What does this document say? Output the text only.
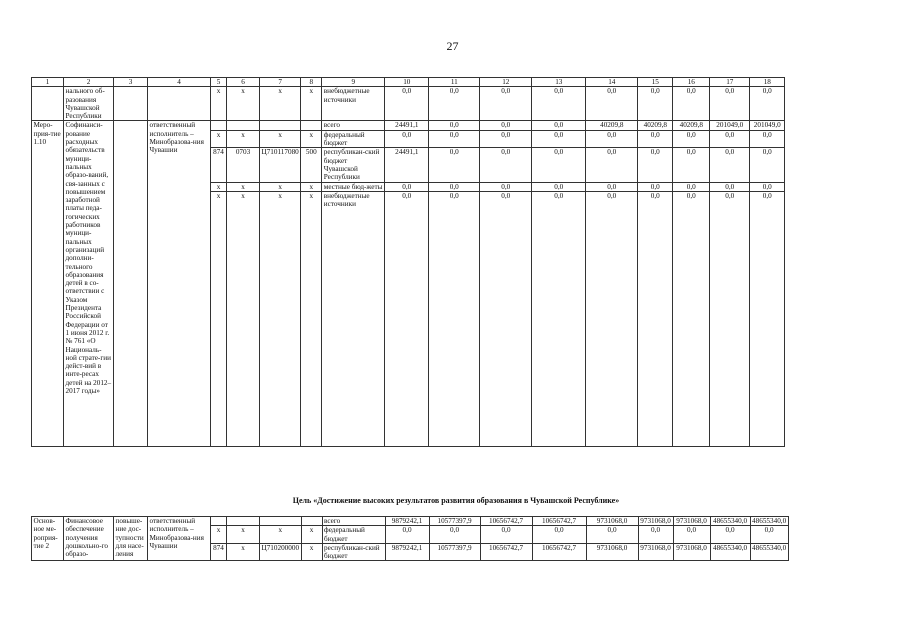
27
1	2	3	4	5	6	7	8	9	10	11	12	13	14	15	16	17	18
	нального об-разования Чувашской Республики			x	x	x	x	внебюджетные источники	0,0	0,0	0,0	0,0	0,0	0,0	0,0	0,0	0,0
Меро-прия-тие 1.10	Софинанси-рование расходных обязательств муници-пальных образо-ваний, свя-занных с повышением заработной платы педа-гогических работников муници-пальных организаций дополни-тельного образования детей в со-ответствии с Указом Президента Российской Федерации от 1 июня 2012 г. № 761 «О Националь-ной страте-гии дейст-вий в инте-ресах детей на 2012–2017 годы»		ответственный исполнитель – Минобразова-ния Чувашии					всего	24491,1	0,0	0,0	0,0	40209,8	40209,8	40209,8	201049,0	201049,0
				x	x	x	x	федеральный бюджет	0,0	0,0	0,0	0,0	0,0	0,0	0,0	0,0	0,0
				874	0703	Ц710117080	500	республикан-ский бюджет Чувашской Республики	24491,1	0,0	0,0	0,0	0,0	0,0	0,0	0,0	0,0
				x	x	x	x	местные бюд-жеты	0,0	0,0	0,0	0,0	0,0	0,0	0,0	0,0	0,0
				x	x	x	x	внебюджетные источники	0,0	0,0	0,0	0,0	0,0	0,0	0,0	0,0	0,0
Цель «Достижение высоких результатов развития образования в Чувашской Республике»
Основ-ное ме-роприя-тие 2	Финансовое обеспечение получения дошкольно-го образо-	повыше-ние дос-тупности для насе-ления	ответственный исполнитель – Минобразова-ния Чувашии					всего	9879242,1	10577397,9	10656742,7	10656742,7	9731068,0	9731068,0	9731068,0	48655340,0	48655340,0
				x	x	x	x	федеральный бюджет	0,0	0,0	0,0	0,0	0,0	0,0	0,0	0,0	0,0
				874	x	Ц710200000	x	республикан-ский бюджет	9879242,1	10577397,9	10656742,7	10656742,7	9731068,0	9731068,0	9731068,0	48655340,0	48655340,0
